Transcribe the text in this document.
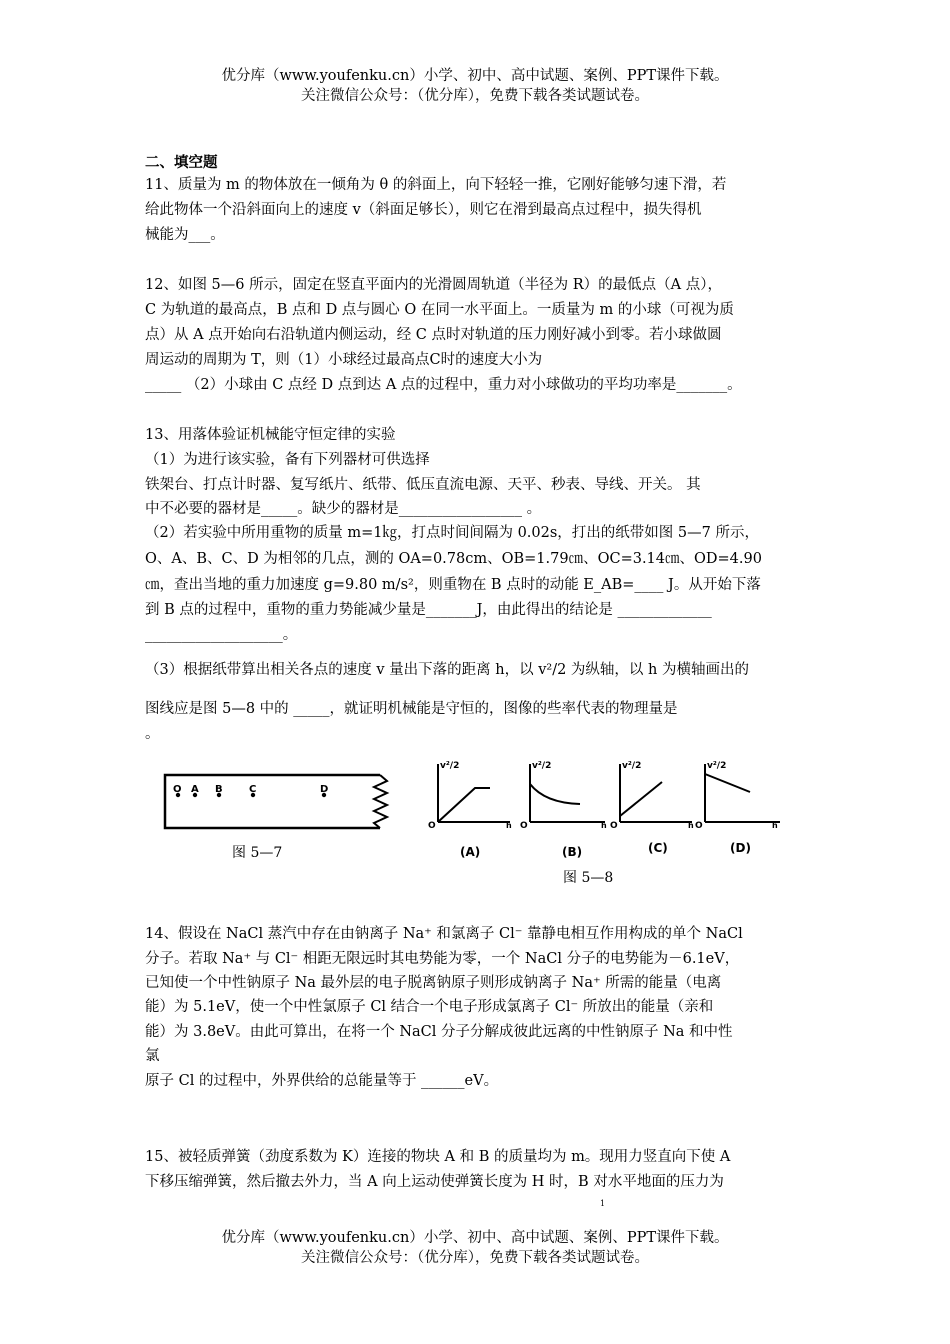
优分库（www.youfenku.cn）小学、初中、高中试题、案例、PPT课件下载。
关注微信公众号：（优分库），免费下载各类试题试卷。
二、填空题
11、质量为 m 的物体放在一倾角为 θ 的斜面上，向下轻轻一推，它刚好能够匀速下滑，若
给此物体一个沿斜面向上的速度 v（斜面足够长），则它在滑到最高点过程中，损失得机
械能为___。
12、如图 5—6 所示，固定在竖直平面内的光滑圆周轨道（半径为 R）的最低点（A 点），
C 为轨道的最高点，B 点和 D 点与圆心 O 在同一水平面上。一质量为 m 的小球（可视为质
点）从 A 点开始向右沿轨道内侧运动，经 C 点时对轨道的压力刚好减小到零。若小球做圆
周运动的周期为 T，则（1）小球经过最高点C时的速度大小为
_____ （2）小球由 C 点经 D 点到达 A 点的过程中，重力对小球做功的平均功率是_______。
13、用落体验证机械能守恒定律的实验
（1）为进行该实验，备有下列器材可供选择
铁架台、打点计时器、复写纸片、纸带、低压直流电源、天平、秒表、导线、开关。 其
中不必要的器材是_____。缺少的器材是_________________ 。
（2）若实验中所用重物的质量 m=1㎏，打点时间间隔为 0.02s，打出的纸带如图 5—7 所示，
O、A、B、C、D 为相邻的几点，测的 OA=0.78cm、OB=1.79㎝、OC=3.14㎝、OD=4.90
㎝，查出当地的重力加速度 g=9.80 m/s²，则重物在 B 点时的动能 E_AB=____ J。从开始下落
到 B 点的过程中，重物的重力势能减少量是_______J，由此得出的结论是 _____________
___________________。
（3）根据纸带算出相关各点的速度 v 量出下落的距离 h，以 v²/2 为纵轴，以 h 为横轴画出的
图线应是图 5—8 中的 _____，就证明机械能是守恒的，图像的些率代表的物理量是
。
O A B	C	D
图 5—7
v²/2
h
O
(A)
v²/2
h
O
(B)
v²/2
h
O
(C)
v²/2
h
O
(D)
图 5—8
14、假设在 NaCl 蒸汽中存在由钠离子 Na⁺ 和氯离子 Cl⁻ 靠静电相互作用构成的单个 NaCl
分子。若取 Na⁺ 与 Cl⁻ 相距无限远时其电势能为零，一个 NaCl 分子的电势能为－6.1eV，
已知使一个中性钠原子 Na 最外层的电子脱离钠原子则形成钠离子 Na⁺ 所需的能量（电离
能）为 5.1eV，使一个中性氯原子 Cl 结合一个电子形成氯离子 Cl⁻ 所放出的能量（亲和
能）为 3.8eV。由此可算出，在将一个 NaCl 分子分解成彼此远离的中性钠原子 Na 和中性
氯
原子 Cl 的过程中，外界供给的总能量等于 ______eV。
15、被轻质弹簧（劲度系数为 K）连接的物块 A 和 B 的质量均为 m。现用力竖直向下使 A
下移压缩弹簧，然后撤去外力，当 A 向上运动使弹簧长度为 H 时，B 对水平地面的压力为
1
优分库（www.youfenku.cn）小学、初中、高中试题、案例、PPT课件下载。
关注微信公众号：（优分库），免费下载各类试题试卷。
